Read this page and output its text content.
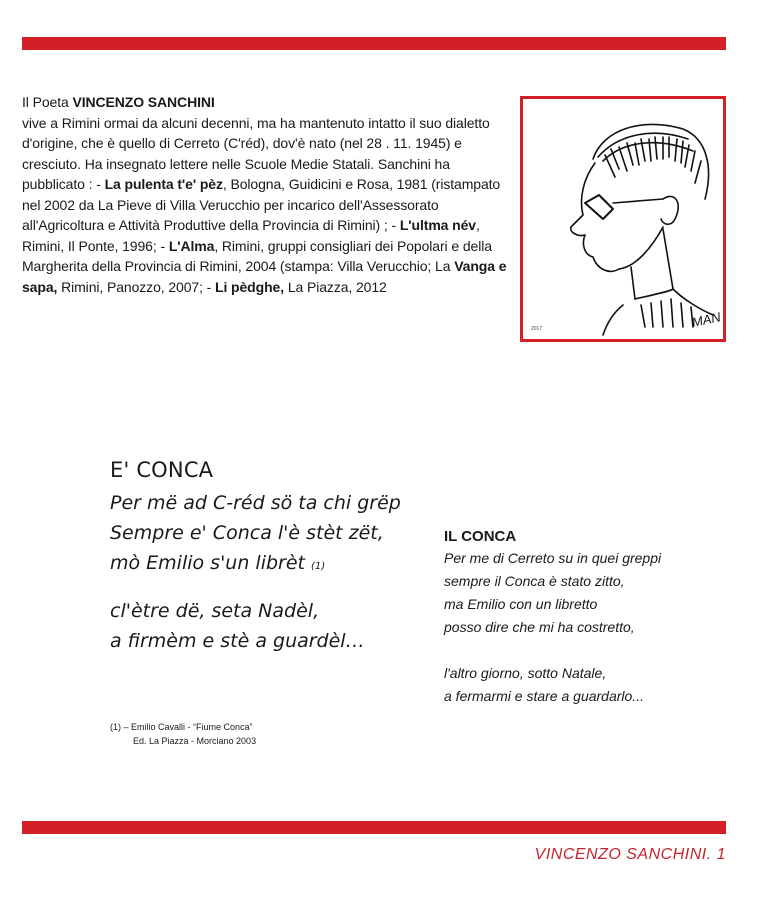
Il Poeta VINCENZO SANCHINI

vive a Rimini ormai da alcuni decenni, ma ha mantenuto intatto il suo dialetto d'origine, che è quello di Cerreto (C'réd), dov'è nato (nel 28 . 11. 1945) e cresciuto. Ha insegnato lettere nelle Scuole Medie Statali. Sanchini ha pubblicato : - La pulenta t'e' pèz, Bologna, Guidicini e Rosa, 1981 (ristampato nel 2002 da La Pieve di Villa Verucchio per incarico dell'Assessorato all'Agricoltura e Attività Produttive della Provincia di Rimini) ; - L'ultma név, Rimini, Il Ponte, 1996; - L'Alma, Rimini, gruppi consigliari dei Popolari e della Margherita della Provincia di Rimini, 2004 (stampa: Villa Verucchio; La Vanga e sapa, Rimini, Panozzo, 2007; - Li pèdghe, La Piazza, 2012

MAN
2017
E' CONCA

Per më ad C-réd sö ta chi grëp

Sempre e' Conca l'è stèt zët,

mò Emilio s'un librèt (1)

cl'ètre dë, seta Nadèl,

a firmèm e stè a guardèl…

(1) – Emilio Cavalli - “Fiume Conca”
Ed. La Piazza - Morciano 2003

IL CONCA

Per me di Cerreto su in quei greppi

sempre il Conca è stato zitto,

ma Emilio con un libretto

posso dire che mi ha costretto,

l'altro giorno, sotto Natale,

a fermarmi e stare a guardarlo...

VINCENZO SANCHINI. 1
